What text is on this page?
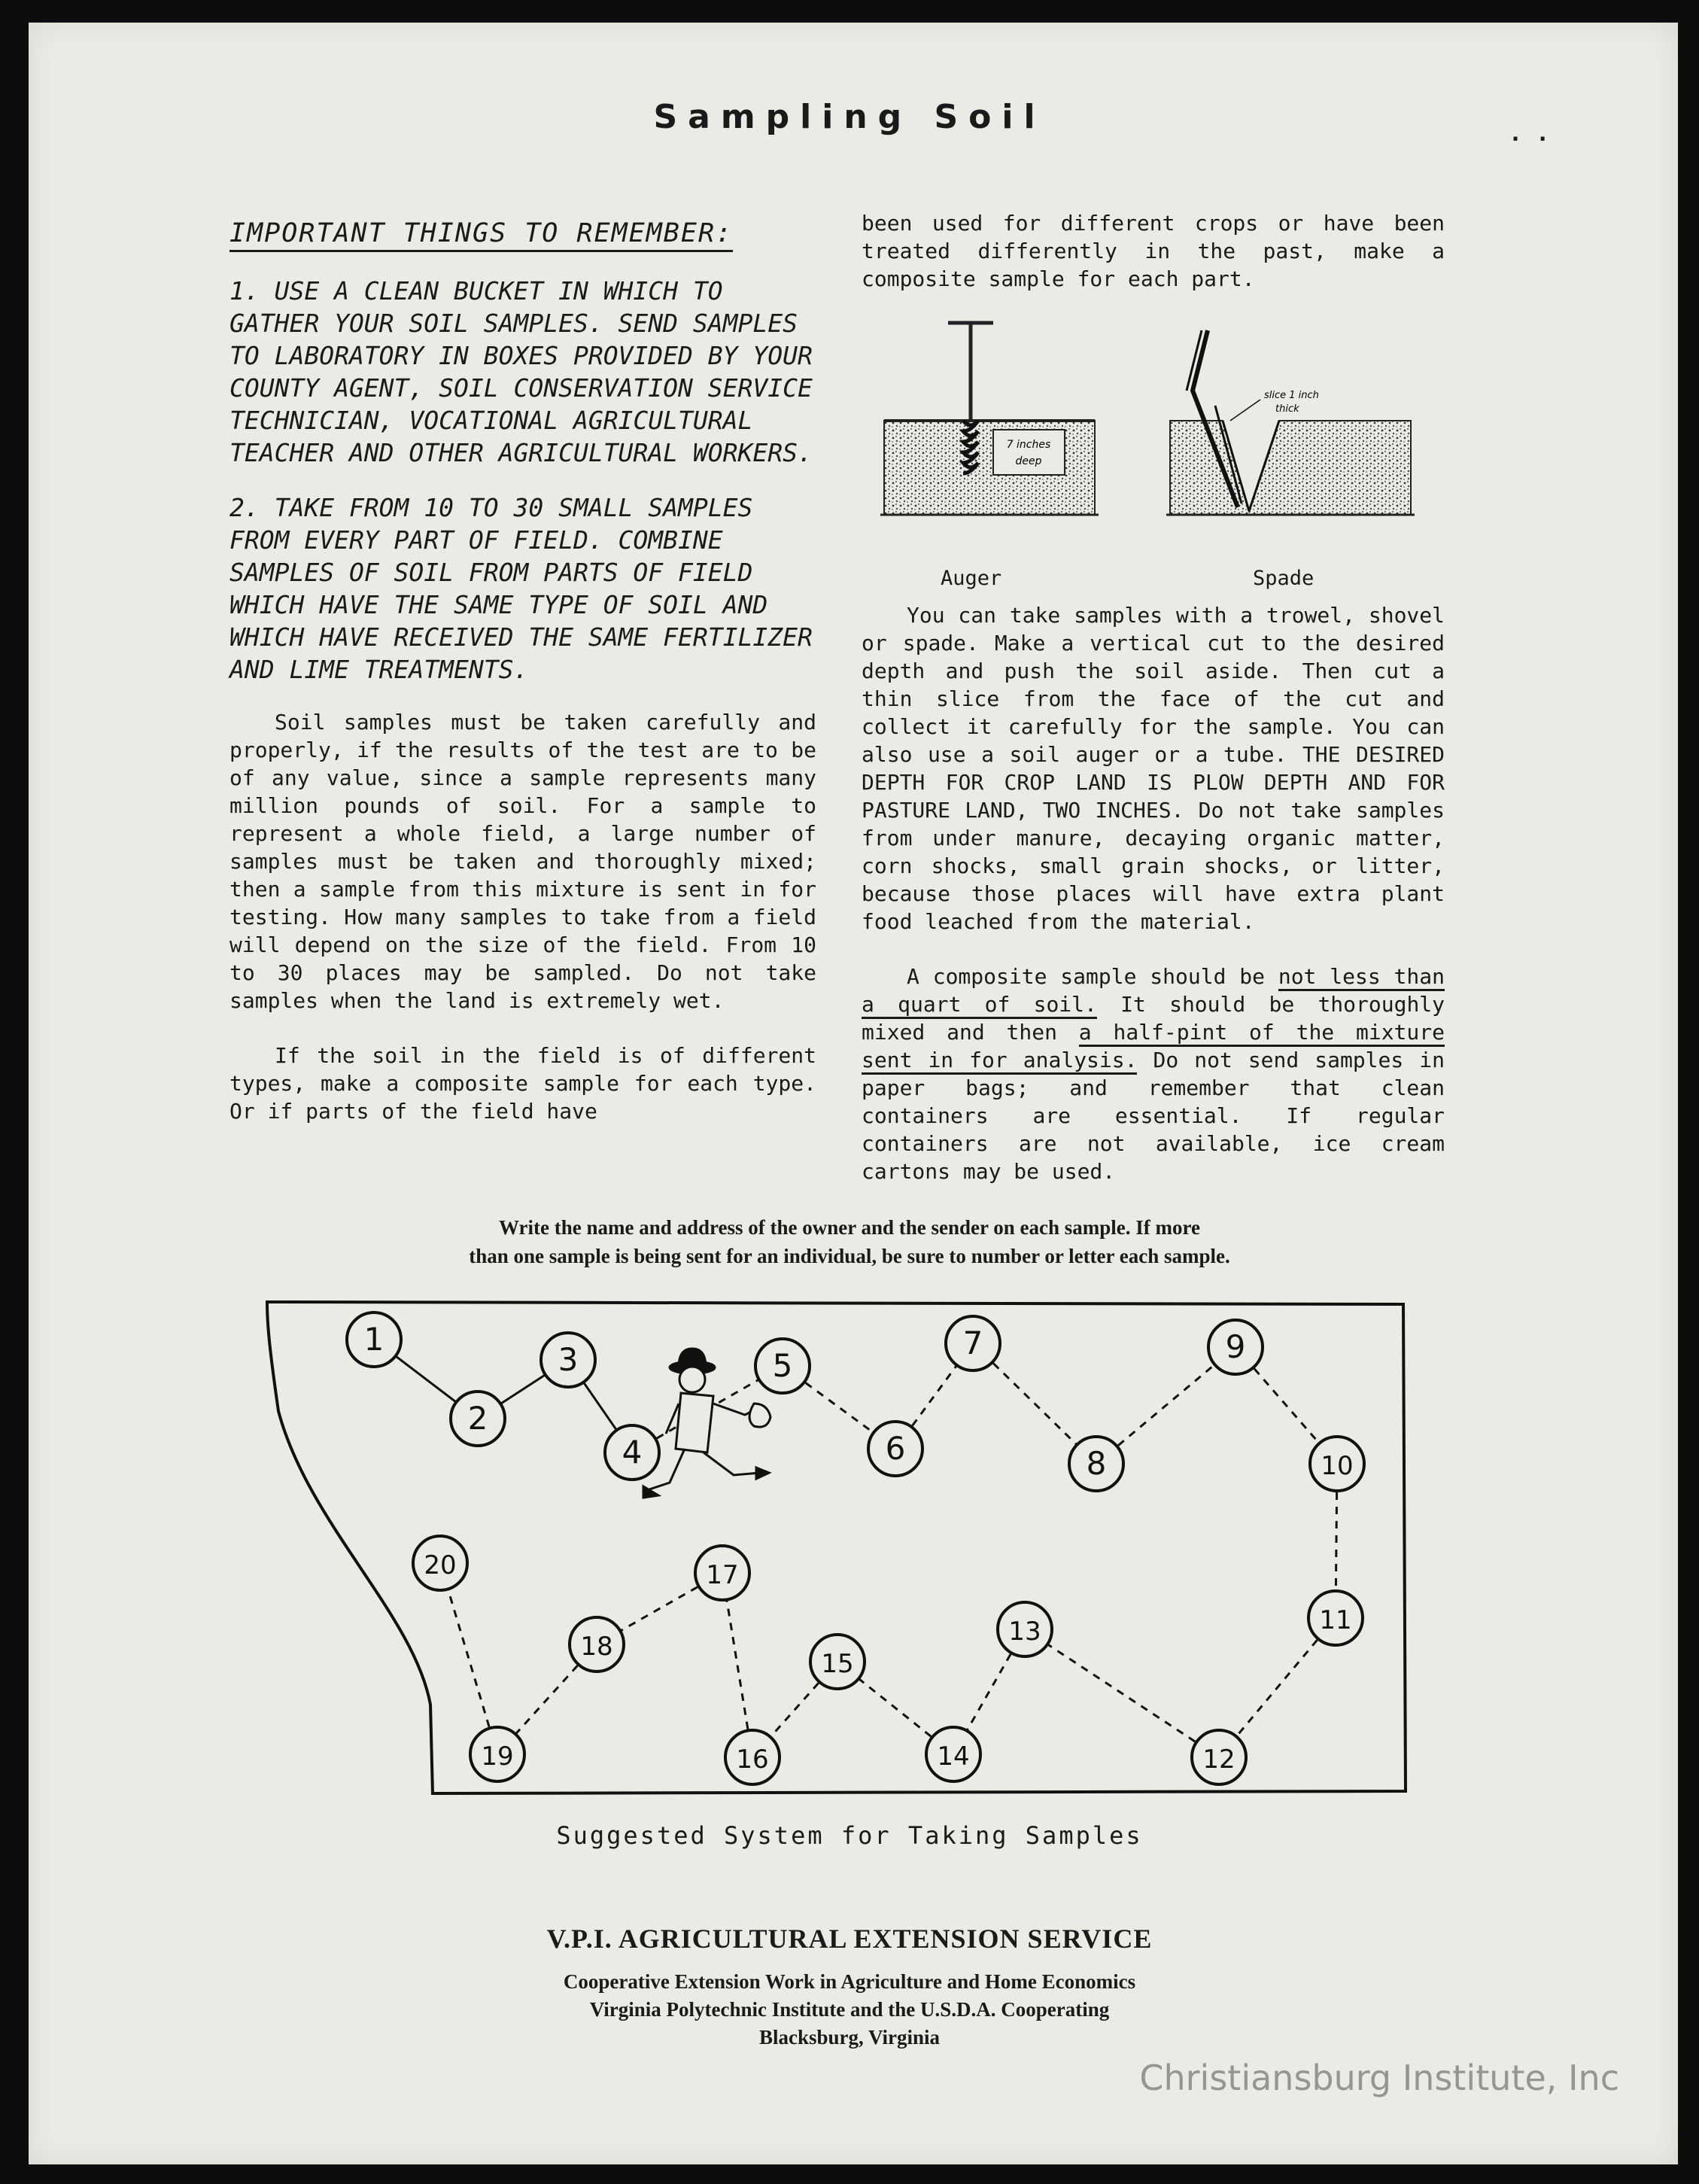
Sampling Soil	. .
IMPORTANT THINGS TO REMEMBER:

1. USE A CLEAN BUCKET IN WHICH TO GATHER YOUR SOIL SAMPLES. SEND SAMPLES TO LABORATORY IN BOXES PROVIDED BY YOUR COUNTY AGENT, SOIL CONSERVATION SERVICE TECHNICIAN, VOCATIONAL AGRICULTURAL TEACHER AND OTHER AGRICULTURAL WORKERS.

2. TAKE FROM 10 TO 30 SMALL SAMPLES FROM EVERY PART OF FIELD. COMBINE SAMPLES OF SOIL FROM PARTS OF FIELD WHICH HAVE THE SAME TYPE OF SOIL AND WHICH HAVE RECEIVED THE SAME FERTILIZER AND LIME TREATMENTS.

Soil samples must be taken carefully and properly, if the results of the test are to be of any value, since a sample represents many million pounds of soil. For a sample to represent a whole field, a large number of samples must be taken and thoroughly mixed; then a sample from this mixture is sent in for testing. How many samples to take from a field will depend on the size of the field. From 10 to 30 places may be sampled. Do not take samples when the land is extremely wet.

If the soil in the field is of different types, make a composite sample for each type. Or if parts of the field have

been used for different crops or have been treated differently in the past, make a composite sample for each part.

7 inches
deep
slice 1 inch
thick
Auger	Spade

You can take samples with a trowel, shovel or spade. Make a vertical cut to the desired depth and push the soil aside. Then cut a thin slice from the face of the cut and collect it carefully for the sample. You can also use a soil auger or a tube. THE DESIRED DEPTH FOR CROP LAND IS PLOW DEPTH AND FOR PASTURE LAND, TWO INCHES. Do not take samples from under manure, decaying organic matter, corn shocks, small grain shocks, or litter, because those places will have extra plant food leached from the material.

A composite sample should be not less than a quart of soil. It should be thoroughly mixed and then a half-pint of the mixture sent in for analysis. Do not send samples in paper bags; and remember that clean containers are essential. If regular containers are not available, ice cream cartons may be used.

Write the name and address of the owner and the sender on each sample. If more
than one sample is being sent for an individual, be sure to number or letter each sample.
1
2
3
4
5
6
7
8
9
10
11
12
13
14
15
16
17
18
19
20
Suggested System for Taking Samples
V.P.I. AGRICULTURAL EXTENSION SERVICE
Cooperative Extension Work in Agriculture and Home Economics
Virginia Polytechnic Institute and the U.S.D.A. Cooperating
Blacksburg, Virginia
Christiansburg Institute, Inc
